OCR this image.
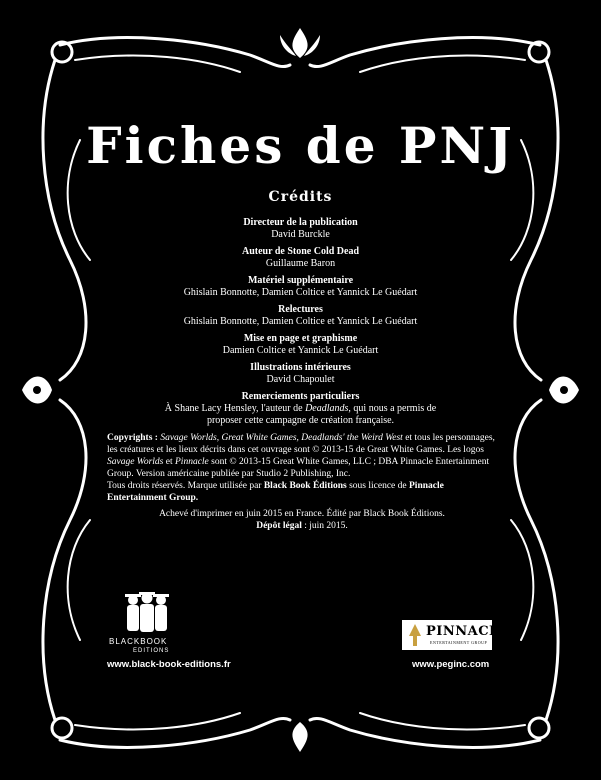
Fiches de PNJ
Crédits
Directeur de la publication
David Burckle
Auteur de Stone Cold Dead
Guillaume Baron
Matériel supplémentaire
Ghislain Bonnotte, Damien Coltice et Yannick Le Guédart
Relectures
Ghislain Bonnotte, Damien Coltice et Yannick Le Guédart
Mise en page et graphisme
Damien Coltice et Yannick Le Guédart
Illustrations intérieures
David Chapoulet
Remerciements particuliers
À Shane Lacy Hensley, l'auteur de Deadlands, qui nous a permis de proposer cette campagne de création française.

Copyrights : Savage Worlds, Great White Games, Deadlands' the Weird West et tous les personnages, les créatures et les lieux décrits dans cet ouvrage sont © 2013-15 de Great White Games. Les logos Savage Worlds et Pinnacle sont © 2013-15 Great White Games, LLC ; DBA Pinnacle Entertainment Group. Version américaine publiée par Studio 2 Publishing, Inc.

Tous droits réservés. Marque utilisée par Black Book Éditions sous licence de Pinnacle Entertainment Group.

Achevé d'imprimer en juin 2015 en France. Édité par Black Book Éditions.

Dépôt légal : juin 2015.

BLACKBOOK
EDITIONS
PINNACLE
ENTERTAINMENT GROUP
www.black-book-editions.fr	www.peginc.com
